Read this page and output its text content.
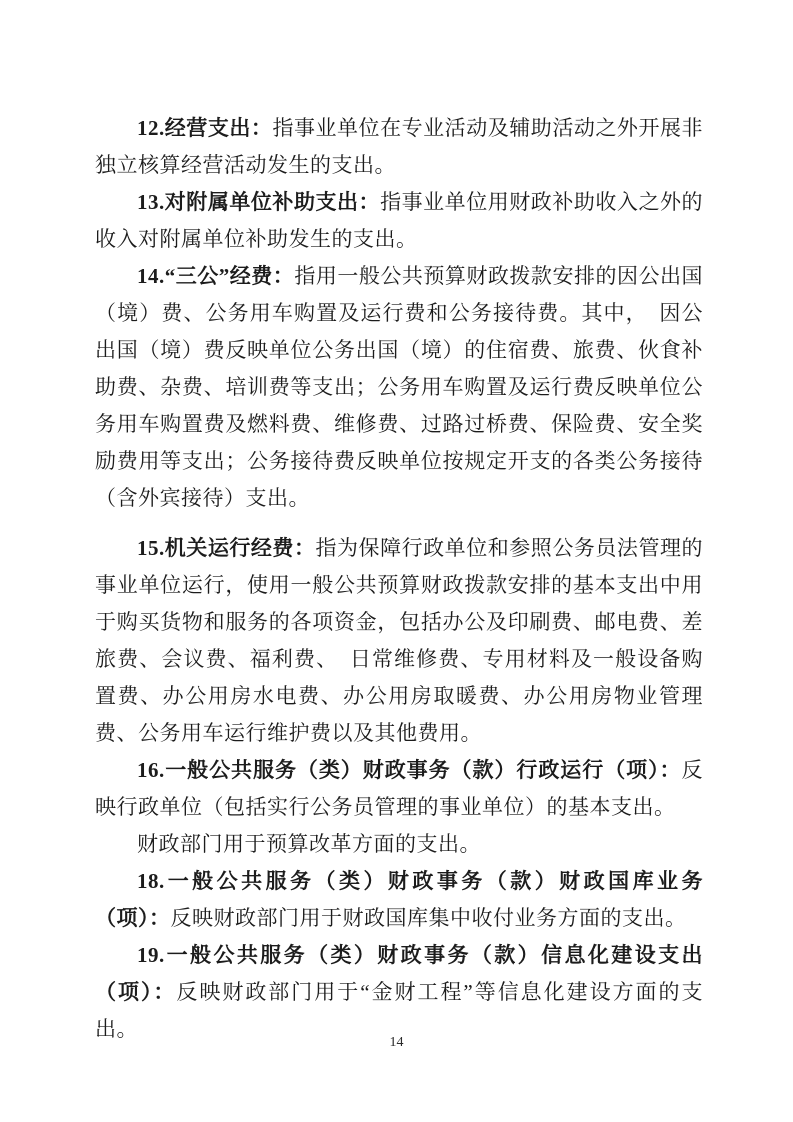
12.经营支出：指事业单位在专业活动及辅助活动之外开展非独立核算经营活动发生的支出。

13.对附属单位补助支出：指事业单位用财政补助收入之外的收入对附属单位补助发生的支出。

14.“三公”经费：指用一般公共预算财政拨款安排的因公出国（境）费、公务用车购置及运行费和公务接待费。其中，　因公出国（境）费反映单位公务出国（境）的住宿费、旅费、伙食补助费、杂费、培训费等支出；公务用车购置及运行费反映单位公务用车购置费及燃料费、维修费、过路过桥费、保险费、安全奖励费用等支出；公务接待费反映单位按规定开支的各类公务接待（含外宾接待）支出。

15.机关运行经费：指为保障行政单位和参照公务员法管理的事业单位运行，使用一般公共预算财政拨款安排的基本支出中用于购买货物和服务的各项资金，包括办公及印刷费、邮电费、差旅费、会议费、福利费、　日常维修费、专用材料及一般设备购置费、办公用房水电费、办公用房取暖费、办公用房物业管理费、公务用车运行维护费以及其他费用。

16.一般公共服务（类）财政事务（款）行政运行（项）：反映行政单位（包括实行公务员管理的事业单位）的基本支出。

财政部门用于预算改革方面的支出。

18.一般公共服务（类）财政事务（款）财政国库业务（项）：反映财政部门用于财政国库集中收付业务方面的支出。

19.一般公共服务（类）财政事务（款）信息化建设支出（项）：反映财政部门用于“金财工程”等信息化建设方面的支出。

14
